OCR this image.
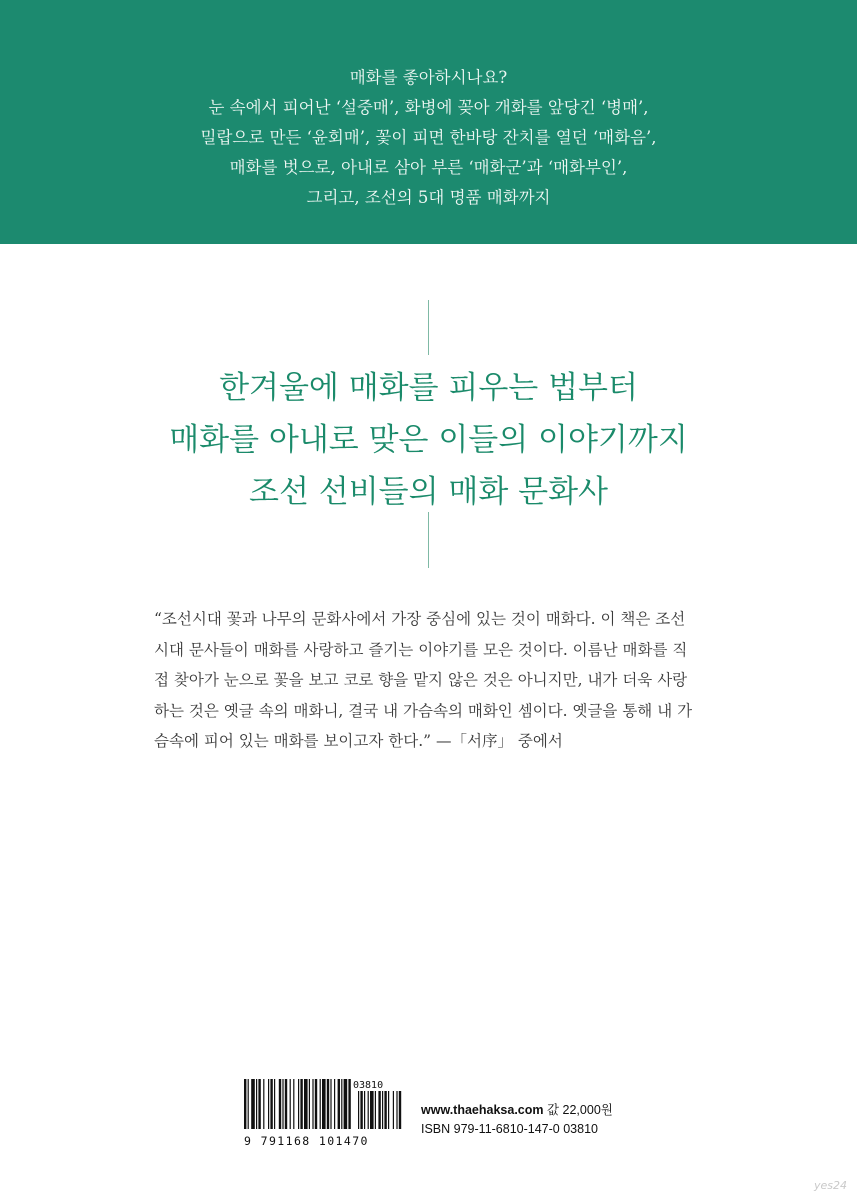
매화를 좋아하시나요?
눈 속에서 피어난 ‘설중매’, 화병에 꽂아 개화를 앞당긴 ‘병매’,
밀랍으로 만든 ‘윤회매’, 꽃이 피면 한바탕 잔치를 열던 ‘매화음’,
매화를 벗으로, 아내로 삼아 부른 ‘매화군’과 ‘매화부인’,
그리고, 조선의 5대 명품 매화까지
한겨울에 매화를 피우는 법부터
매화를 아내로 맞은 이들의 이야기까지
조선 선비들의 매화 문화사
“조선시대 꽃과 나무의 문화사에서 가장 중심에 있는 것이 매화다. 이 책은 조선
시대 문사들이 매화를 사랑하고 즐기는 이야기를 모은 것이다. 이름난 매화를 직
접 찾아가 눈으로 꽃을 보고 코로 향을 맡지 않은 것은 아니지만, 내가 더욱 사랑
하는 것은 옛글 속의 매화니, 결국 내 가슴속의 매화인 셈이다. 옛글을 통해 내 가
슴속에 피어 있는 매화를 보이고자 한다.” —「서序」 중에서
03810
9 791168 101470
www.thaehaksa.com 값 22,000원
ISBN 979-11-6810-147-0 03810
yes24
